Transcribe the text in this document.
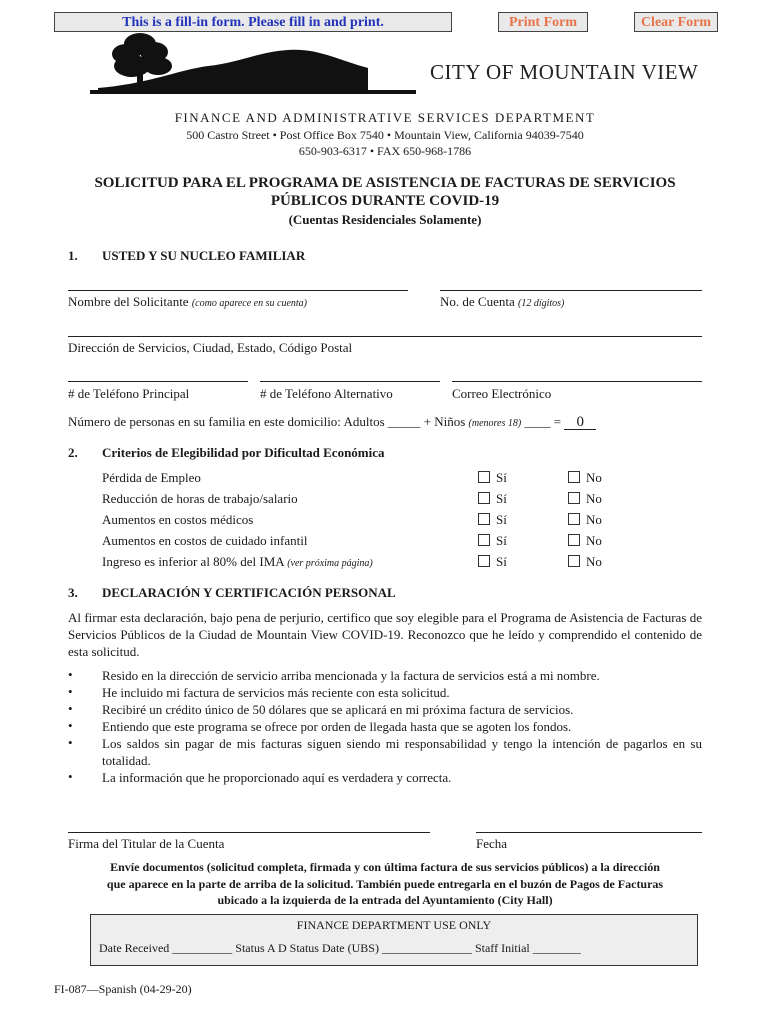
This is a fill-in form. Please fill in and print.	Print Form	Clear Form
CITY OF MOUNTAIN VIEW
FINANCE AND ADMINISTRATIVE SERVICES DEPARTMENT
500 Castro Street • Post Office Box 7540 • Mountain View, California 94039-7540
650-903-6317 • FAX 650-968-1786
SOLICITUD PARA EL PROGRAMA DE ASISTENCIA DE FACTURAS DE SERVICIOS
PÚBLICOS DURANTE COVID-19
(Cuentas Residenciales Solamente)
1. USTED Y SU NUCLEO FAMILIAR
Nombre del Solicitante (como aparece en su cuenta)	No. de Cuenta (12 dígitos)
Dirección de Servicios, Ciudad, Estado, Código Postal
# de Teléfono Principal	# de Teléfono Alternativo	Correo Electrónico
Número de personas en su familia en este domicilio: Adultos _____ + Niños (menores 18) ____ = 0
2. Criterios de Elegibilidad por Dificultad Económica
Pérdida de Empleo	Sí	No
Reducción de horas de trabajo/salario	Sí	No
Aumentos en costos médicos	Sí	No
Aumentos en costos de cuidado infantil	Sí	No
Ingreso es inferior al 80% del IMA (ver próxima página)	Sí	No
3. DECLARACIÓN Y CERTIFICACIÓN PERSONAL
Al firmar esta declaración, bajo pena de perjurio, certifico que soy elegible para el Programa de Asistencia de Facturas de Servicios Públicos de la Ciudad de Mountain View COVID-19. Reconozco que he leído y comprendido el contenido de esta solicitud.
• Resido en la dirección de servicio arriba mencionada y la factura de servicios está a mi nombre.
• He incluido mi factura de servicios más reciente con esta solicitud.
• Recibiré un crédito único de 50 dólares que se aplicará en mi próxima factura de servicios.
• Entiendo que este programa se ofrece por orden de llegada hasta que se agoten los fondos.
• Los saldos sin pagar de mis facturas siguen siendo mi responsabilidad y tengo la intención de pagarlos en su totalidad.
• La información que he proporcionado aquí es verdadera y correcta.
Firma del Titular de la Cuenta	Fecha
Envíe documentos (solicitud completa, firmada y con última factura de sus servicios públicos) a la dirección
que aparece en la parte de arriba de la solicitud. También puede entregarla en el buzón de Pagos de Facturas
ubicado a la izquierda de la entrada del Ayuntamiento (City Hall)
FINANCE DEPARTMENT USE ONLY
Date Received __________ Status A D Status Date (UBS) _______________ Staff Initial ________
FI-087—Spanish (04-29-20)
